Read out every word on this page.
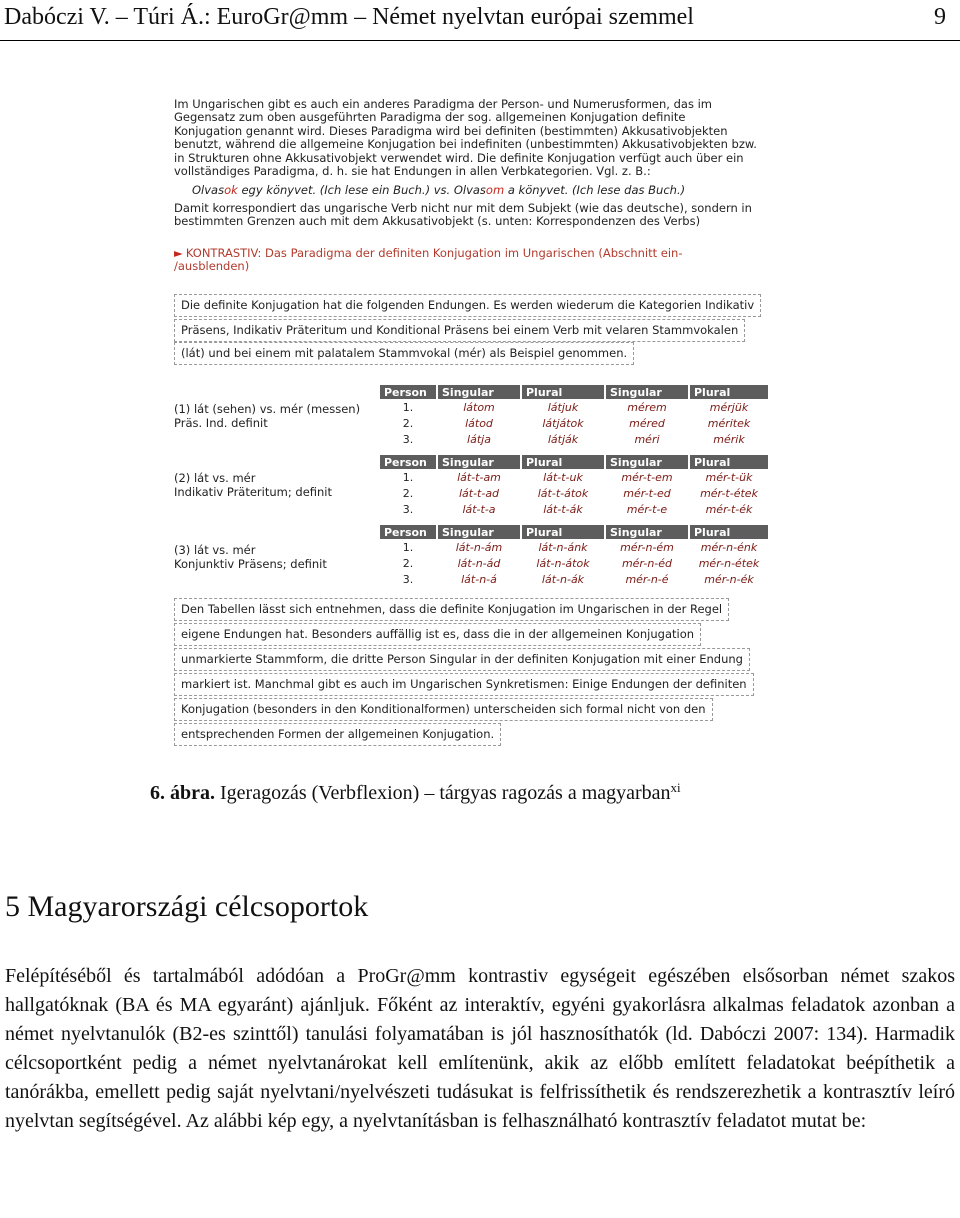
Dabóczi V. – Túri Á.: EuroGr@mm – Német nyelvtan európai szemmel	9

Im Ungarischen gibt es auch ein anderes Paradigma der Person- und Numerusformen, das im

Gegensatz zum oben ausgeführten Paradigma der sog. allgemeinen Konjugation definite

Konjugation genannt wird. Dieses Paradigma wird bei definiten (bestimmten) Akkusativobjekten

benutzt, während die allgemeine Konjugation bei indefiniten (unbestimmten) Akkusativobjekten bzw.

in Strukturen ohne Akkusativobjekt verwendet wird. Die definite Konjugation verfügt auch über ein

vollständiges Paradigma, d. h. sie hat Endungen in allen Verbkategorien. Vgl. z. B.:

Olvasok egy könyvet. (Ich lese ein Buch.) vs. Olvasom a könyvet. (Ich lese das Buch.)

Damit korrespondiert das ungarische Verb nicht nur mit dem Subjekt (wie das deutsche), sondern in

bestimmten Grenzen auch mit dem Akkusativobjekt (s. unten: Korrespondenzen des Verbs)

► KONTRASTIV: Das Paradigma der definiten Konjugation im Ungarischen (Abschnitt ein-

/ausblenden)

Die definite Konjugation hat die folgenden Endungen. Es werden wiederum die Kategorien Indikativ
Präsens, Indikativ Präteritum und Konditional Präsens bei einem Verb mit velaren Stammvokalen
(lát) und bei einem mit palatalem Stammvokal (mér) als Beispiel genommen.
(1) lát (sehen) vs. mér (messen)
Präs. Ind. definit
Person	Singular	Plural	Singular	Plural
1.	látom	látjuk	mérem	mérjük
2.	látod	látjátok	méred	méritek
3.	látja	látják	méri	mérik
(2) lát vs. mér
Indikativ Präteritum; definit
Person	Singular	Plural	Singular	Plural
1.	lát-t-am	lát-t-uk	mér-t-em	mér-t-ük
2.	lát-t-ad	lát-t-átok	mér-t-ed	mér-t-étek
3.	lát-t-a	lát-t-ák	mér-t-e	mér-t-ék
(3) lát vs. mér
Konjunktiv Präsens; definit
Person	Singular	Plural	Singular	Plural
1.	lát-n-ám	lát-n-ánk	mér-n-ém	mér-n-énk
2.	lát-n-ád	lát-n-átok	mér-n-éd	mér-n-étek
3.	lát-n-á	lát-n-ák	mér-n-é	mér-n-ék
Den Tabellen lässt sich entnehmen, dass die definite Konjugation im Ungarischen in der Regel
eigene Endungen hat. Besonders auffällig ist es, dass die in der allgemeinen Konjugation
unmarkierte Stammform, die dritte Person Singular in der definiten Konjugation mit einer Endung
markiert ist. Manchmal gibt es auch im Ungarischen Synkretismen: Einige Endungen der definiten
Konjugation (besonders in den Konditionalformen) unterscheiden sich formal nicht von den
entsprechenden Formen der allgemeinen Konjugation.
6. ábra. Igeragozás (Verbflexion) – tárgyas ragozás a magyarban$^{xi}$
5 Magyarországi célcsoportok
Felépítéséből és tartalmából adódóan a ProGr@mm kontrastiv egységeit egészében elsősorban német szakos hallgatóknak (BA és MA egyaránt) ajánljuk. Főként az interaktív, egyéni gyakorlásra alkalmas feladatok azonban a német nyelvtanulók (B2-es szinttől) tanulási folyamatában is jól hasznosíthatók (ld. Dabóczi 2007: 134). Harmadik célcsoportként pedig a német nyelvtanárokat kell említenünk, akik az előbb említett feladatokat beépíthetik a tanórákba, emellett pedig saját nyelvtani/nyelvészeti tudásukat is felfrissíthetik és rendszerezhetik a kontrasztív leíró nyelvtan segítségével. Az alábbi kép egy, a nyelvtanításban is felhasználható kontrasztív feladatot mutat be:
